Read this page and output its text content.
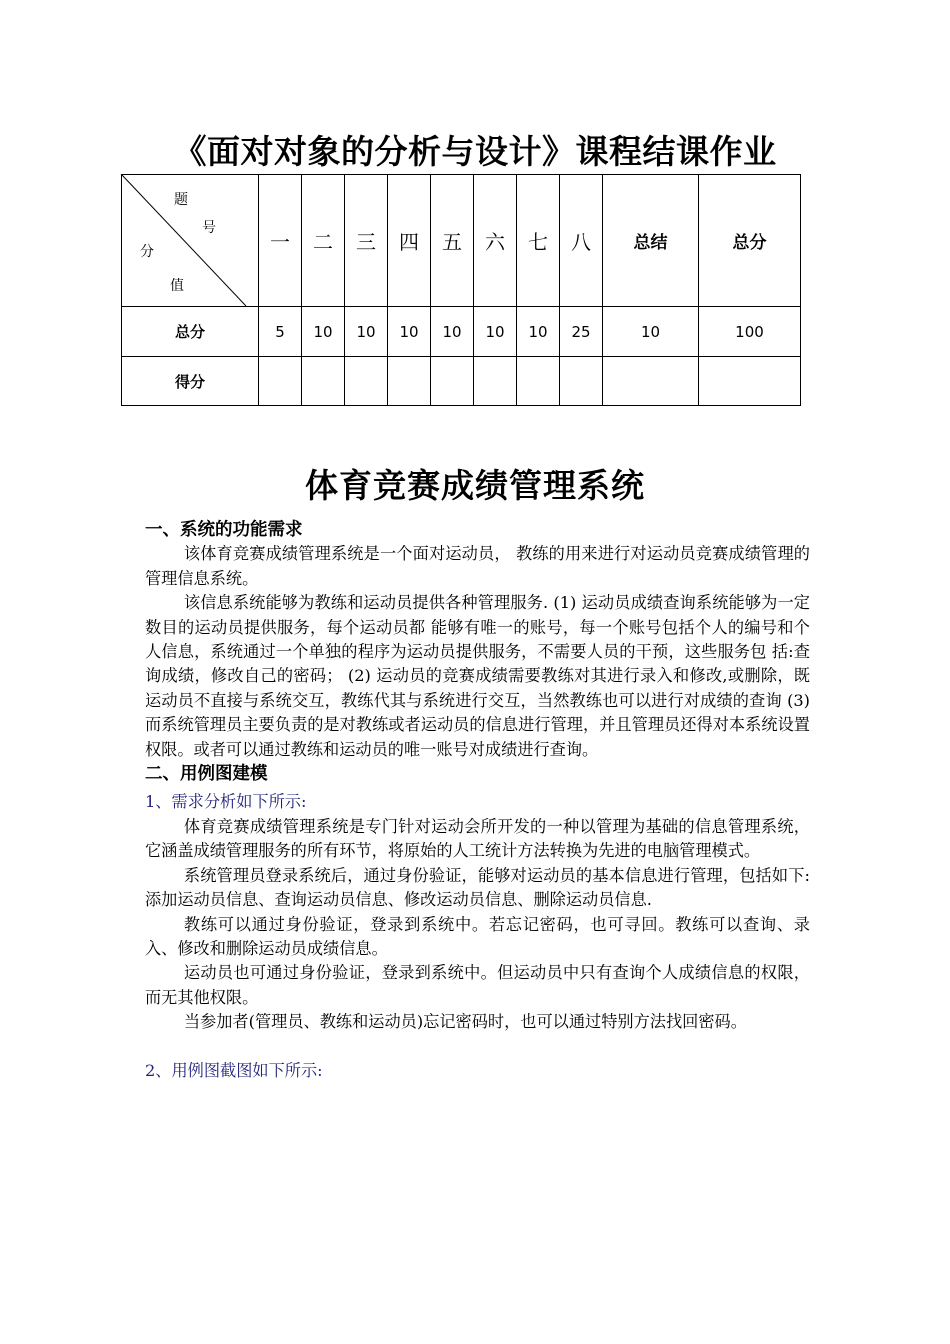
《面对对象的分析与设计》课程结课作业
题
号
分
值	一	二	三	四	五	六	七	八	总结	总分
总分	5	10	10	10	10	10	10	25	10	100
得分										
体育竞赛成绩管理系统
一、系统的功能需求

该体育竞赛成绩管理系统是一个面对运动员， 教练的用来进行对运动员竞赛成绩管理的管理信息系统。

该信息系统能够为教练和运动员提供各种管理服务. (1) 运动员成绩查询系统能够为一定数目的运动员提供服务，每个运动员都 能够有唯一的账号，每一个账号包括个人的编号和个人信息，系统通过一个单独的程序为运动员提供服务，不需要人员的干预，这些服务包 括:查询成绩，修改自己的密码； (2) 运动员的竞赛成绩需要教练对其进行录入和修改,或删除，既运动员不直接与系统交互，教练代其与系统进行交互，当然教练也可以进行对成绩的查询 (3) 而系统管理员主要负责的是对教练或者运动员的信息进行管理，并且管理员还得对本系统设置权限。或者可以通过教练和运动员的唯一账号对成绩进行查询。

二、用例图建模
1、需求分析如下所示:

体育竞赛成绩管理系统是专门针对运动会所开发的一种以管理为基础的信息管理系统，它涵盖成绩管理服务的所有环节，将原始的人工统计方法转换为先进的电脑管理模式。

系统管理员登录系统后，通过身份验证，能够对运动员的基本信息进行管理，包括如下:添加运动员信息、查询运动员信息、修改运动员信息、删除运动员信息.

教练可以通过身份验证，登录到系统中。若忘记密码，也可寻回。教练可以查询、录入、修改和删除运动员成绩信息。

运动员也可通过身份验证，登录到系统中。但运动员中只有查询个人成绩信息的权限，而无其他权限。

当参加者(管理员、教练和运动员)忘记密码时，也可以通过特别方法找回密码。

2、用例图截图如下所示:
